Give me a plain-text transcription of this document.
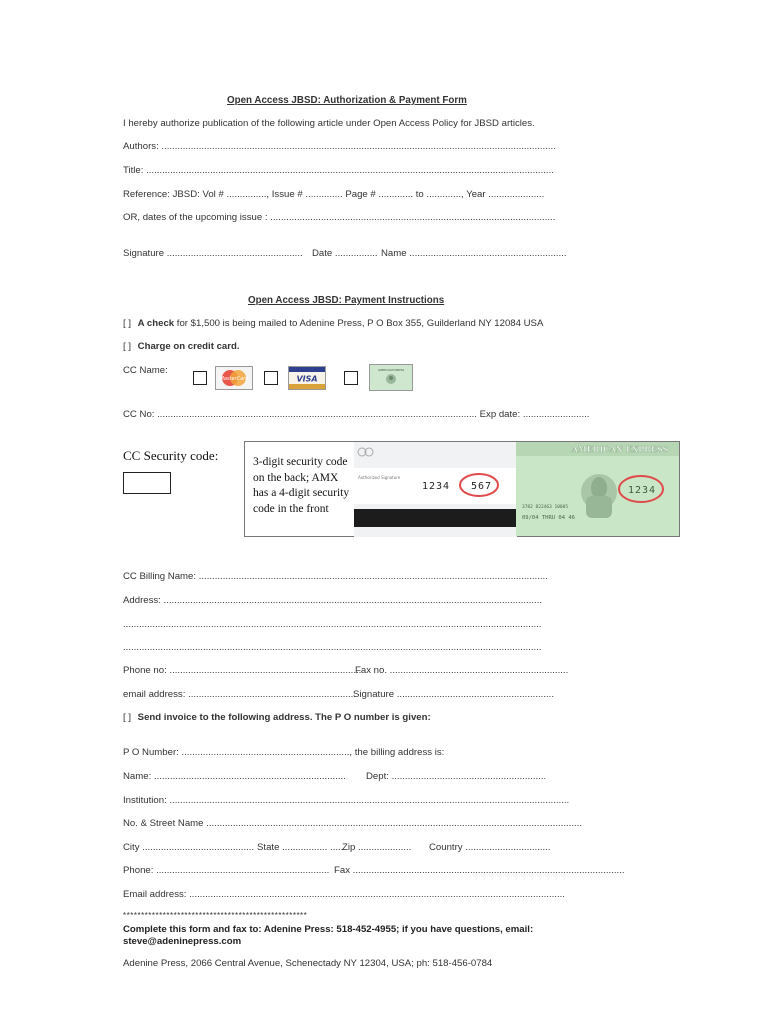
Open Access JBSD: Authorization & Payment Form
I hereby authorize publication of the following article under Open Access Policy for JBSD articles.
Authors: ....................................................................................................................................................
Title: .........................................................................................................................................................
Reference: JBSD: Vol # ..............., Issue # .............. Page # ............. to ............., Year .....................
OR, dates of the upcoming issue : ...........................................................................................................
Signature ................................................... Date ................ Name ...........................................................
Open Access JBSD: Payment Instructions
[ ] A check for $1,500 is being mailed to Adenine Press, P O Box 355, Guilderland NY 12084 USA
[ ] Charge on credit card.
CC Name:
MasterCard	VISA
AMERICAN EXPRESS
CC No: ........................................................................................................................ Exp date: .........................
CC Security code:	3-digit security code on the back; AMX has a 4-digit security code in the front
Authorized Signature
1234 567
AMERICAN EXPRESS
1234
3782 822463 10005
09/04 THRU 04 46
CC Billing Name: ...................................................................................................................................
Address: ..............................................................................................................................................
.............................................................................................................................................................
.............................................................................................................................................................
Phone no: ........................................................................
Fax no. ...................................................................
email address: ...............................................................
Signature ...........................................................
[ ] Send invoice to the following address. The P O number is given:
P O Number: ..............................................................., the billing address is:
Name: ........................................................................ Dept: ..........................................................
Institution: ......................................................................................................................................................
No. & Street Name .............................................................................................................................................
City .......................................... State ................. .....
Zip .................... Country ................................
Phone: ................................................................. Fax ......................................................................................................
Email address: .............................................................................................................................................
***************************************************
Complete this form and fax to: Adenine Press: 518-452-4955; if you have questions, email:
steve@adeninepress.com
Adenine Press, 2066 Central Avenue, Schenectady NY 12304, USA; ph: 518-456-0784
